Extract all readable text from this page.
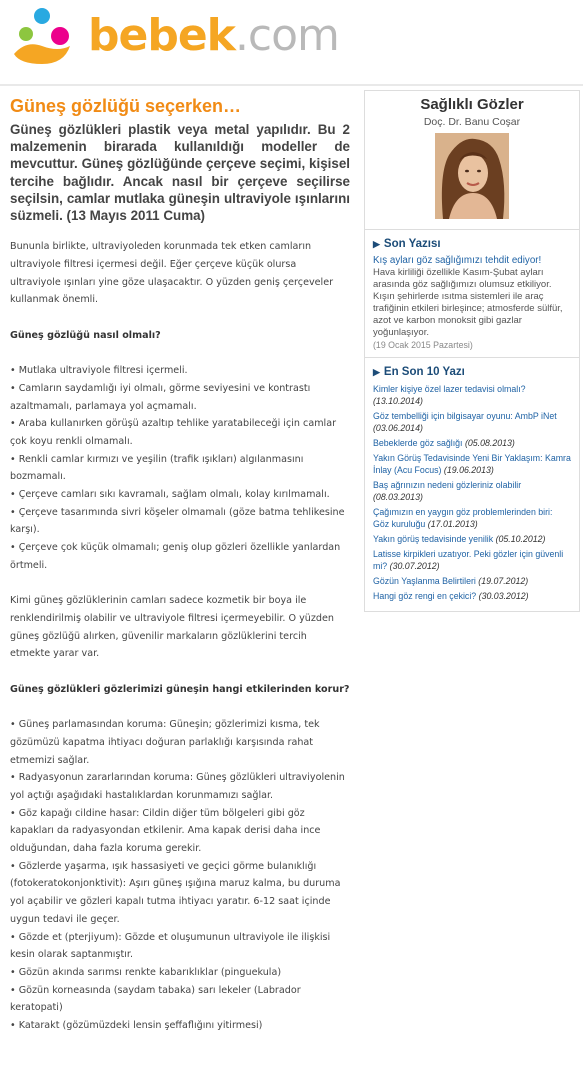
bebek.com
Güneş gözlüğü seçerken…
Güneş gözlükleri plastik veya metal yapılıdır. Bu 2 malzemenin birarada kullanıldığı modeller de mevcuttur. Güneş gözlüğünde çerçeve seçimi, kişisel tercihe bağlıdır. Ancak nasıl bir çerçeve seçilirse seçilsin, camlar mutlaka güneşin ultraviyole ışınlarını süzmeli. (13 Mayıs 2011 Cuma)

Bununla birlikte, ultraviyoleden korunmada tek etken camların ultraviyole filtresi içermesi değil. Eğer çerçeve küçük olursa ultraviyole ışınları yine göze ulaşacaktır. O yüzden geniş çerçeveler kullanmak önemli.

Güneş gözlüğü nasıl olmalı?

• Mutlaka ultraviyole filtresi içermeli.

• Camların saydamlığı iyi olmalı, görme seviyesini ve kontrastı azaltmamalı, parlamaya yol açmamalı.

• Araba kullanırken görüşü azaltıp tehlike yaratabileceği için camlar çok koyu renkli olmamalı.

• Renkli camlar kırmızı ve yeşilin (trafik ışıkları) algılanmasını bozmamalı.

• Çerçeve camları sıkı kavramalı, sağlam olmalı, kolay kırılmamalı.

• Çerçeve tasarımında sivri köşeler olmamalı (göze batma tehlikesine karşı).

• Çerçeve çok küçük olmamalı; geniş olup gözleri özellikle yanlardan örtmeli.

Kimi güneş gözlüklerinin camları sadece kozmetik bir boya ile renklendirilmiş olabilir ve ultraviyole filtresi içermeyebilir. O yüzden güneş gözlüğü alırken, güvenilir markaların gözlüklerini tercih etmekte yarar var.

Güneş gözlükleri gözlerimizi güneşin hangi etkilerinden korur?

• Güneş parlamasından koruma: Güneşin; gözlerimizi kısma, tek gözümüzü kapatma ihtiyacı doğuran parlaklığı karşısında rahat etmemizi sağlar.

• Radyasyonun zararlarından koruma: Güneş gözlükleri ultraviyolenin yol açtığı aşağıdaki hastalıklardan korunmamızı sağlar.

• Göz kapağı cildine hasar: Cildin diğer tüm bölgeleri gibi göz kapakları da radyasyondan etkilenir. Ama kapak derisi daha ince olduğundan, daha fazla koruma gerekir.

• Gözlerde yaşarma, ışık hassasiyeti ve geçici görme bulanıklığı (fotokeratokonjonktivit): Aşırı güneş ışığına maruz kalma, bu duruma yol açabilir ve gözleri kapalı tutma ihtiyacı yaratır. 6-12 saat içinde uygun tedavi ile geçer.

• Gözde et (pterjiyum): Gözde et oluşumunun ultraviyole ile ilişkisi kesin olarak saptanmıştır.

• Gözün akında sarımsı renkte kabarıklıklar (pinguekula)

• Gözün korneasında (saydam tabaka) sarı lekeler (Labrador keratopati)

• Katarakt (gözümüzdeki lensin şeffaflığını yitirmesi)

Sağlıklı Gözler
Doç. Dr. Banu Coşar
▶ Son Yazısı
Kış ayları göz sağlığımızı tehdit ediyor!
Hava kirliliği özellikle Kasım-Şubat ayları arasında göz sağlığımızı olumsuz etkiliyor. Kışın şehirlerde ısıtma sistemleri ile araç trafiğinin etkileri birleşince; atmosferde sülfür, azot ve karbon monoksit gibi gazlar yoğunlaşıyor.
(19 Ocak 2015 Pazartesi)
▶ En Son 10 Yazı
Kimler kişiye özel lazer tedavisi olmalı? (13.10.2014)
Göz tembelliği için bilgisayar oyunu: AmbP iNet (03.06.2014)
Bebeklerde göz sağlığı (05.08.2013)
Yakın Görüş Tedavisinde Yeni Bir Yaklaşım: Kamra İnlay (Acu Focus) (19.06.2013)
Baş ağrınızın nedeni gözleriniz olabilir (08.03.2013)
Çağımızın en yaygın göz problemlerinden biri: Göz kuruluğu (17.01.2013)
Yakın görüş tedavisinde yenilik (05.10.2012)
Latisse kirpikleri uzatıyor. Peki gözler için güvenli mi? (30.07.2012)
Gözün Yaşlanma Belirtileri (19.07.2012)
Hangi göz rengi en çekici? (30.03.2012)
